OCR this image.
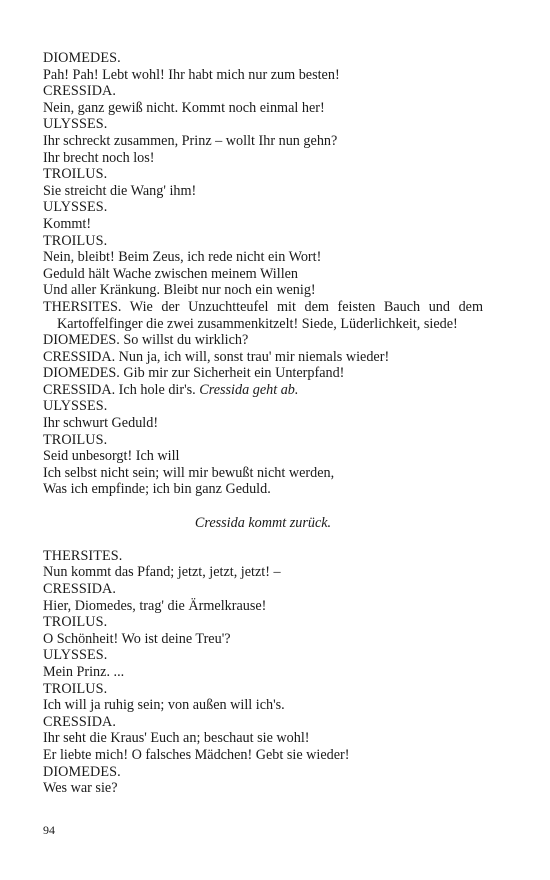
DIOMEDES.
Pah! Pah! Lebt wohl! Ihr habt mich nur zum besten!
CRESSIDA.
Nein, ganz gewiß nicht. Kommt noch einmal her!
ULYSSES.
Ihr schreckt zusammen, Prinz – wollt Ihr nun gehn?
Ihr brecht noch los!
TROILUS.
Sie streicht die Wang' ihm!
ULYSSES.
Kommt!
TROILUS.
Nein, bleibt! Beim Zeus, ich rede nicht ein Wort!
Geduld hält Wache zwischen meinem Willen
Und aller Kränkung. Bleibt nur noch ein wenig!
THERSITES. Wie der Unzuchtteufel mit dem feisten Bauch und dem
Kartoffelfinger die zwei zusammenkitzelt! Siede, Lüderlichkeit, siede!
DIOMEDES. So willst du wirklich?
CRESSIDA. Nun ja, ich will, sonst trau' mir niemals wieder!
DIOMEDES. Gib mir zur Sicherheit ein Unterpfand!
CRESSIDA. Ich hole dir's. Cressida geht ab.
ULYSSES.
Ihr schwurt Geduld!
TROILUS.
Seid unbesorgt! Ich will
Ich selbst nicht sein; will mir bewußt nicht werden,
Was ich empfinde; ich bin ganz Geduld.
Cressida kommt zurück.
THERSITES.
Nun kommt das Pfand; jetzt, jetzt, jetzt! –
CRESSIDA.
Hier, Diomedes, trag' die Ärmelkrause!
TROILUS.
O Schönheit! Wo ist deine Treu'?
ULYSSES.
Mein Prinz. ...
TROILUS.
Ich will ja ruhig sein; von außen will ich's.
CRESSIDA.
Ihr seht die Kraus' Euch an; beschaut sie wohl!
Er liebte mich! O falsches Mädchen! Gebt sie wieder!
DIOMEDES.
Wes war sie?
94
